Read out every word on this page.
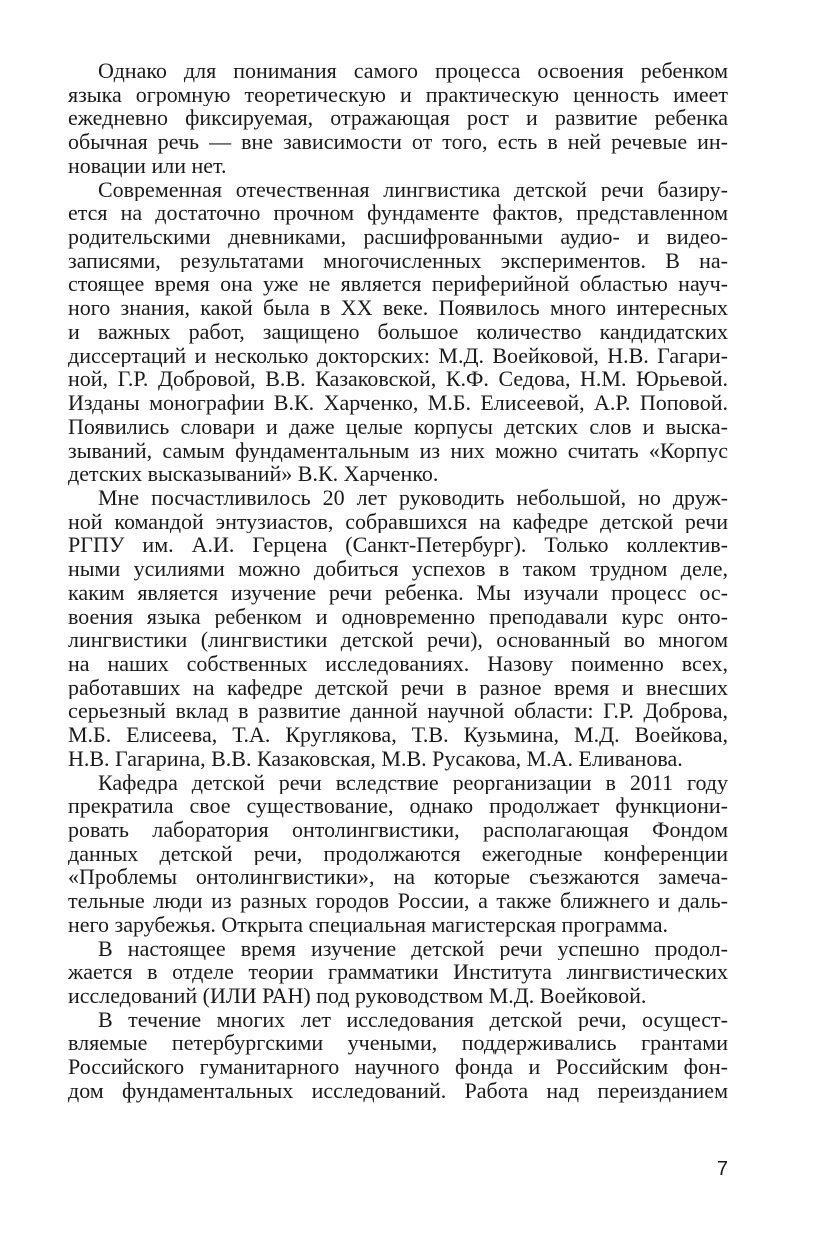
Однако для понимания самого процесса освоения ребенком
языка огромную теоретическую и практическую ценность имеет
ежедневно фиксируемая, отражающая рост и развитие ребенка
обычная речь — вне зависимости от того, есть в ней речевые ин-
новации или нет.
Современная отечественная лингвистика детской речи базиру-
ется на достаточно прочном фундаменте фактов, представленном
родительскими дневниками, расшифрованными аудио- и видео-
записями, результатами многочисленных экспериментов. В на-
стоящее время она уже не является периферийной областью науч-
ного знания, какой была в XX веке. Появилось много интересных
и важных работ, защищено большое количество кандидатских
диссертаций и несколько докторских: М.Д. Воейковой, Н.В. Гагари-
ной, Г.Р. Добровой, В.В. Казаковской, К.Ф. Седова, Н.М. Юрьевой.
Изданы монографии В.К. Харченко, М.Б. Елисеевой, А.Р. Поповой.
Появились словари и даже целые корпусы детских слов и выска-
зываний, самым фундаментальным из них можно считать «Корпус
детских высказываний» В.К. Харченко.
Мне посчастливилось 20 лет руководить небольшой, но друж-
ной командой энтузиастов, собравшихся на кафедре детской речи
РГПУ им. А.И. Герцена (Санкт-Петербург). Только коллектив-
ными усилиями можно добиться успехов в таком трудном деле,
каким является изучение речи ребенка. Мы изучали процесс ос-
воения языка ребенком и одновременно преподавали курс онто-
лингвистики (лингвистики детской речи), основанный во многом
на наших собственных исследованиях. Назову поименно всех,
работавших на кафедре детской речи в разное время и внесших
серьезный вклад в развитие данной научной области: Г.Р. Доброва,
М.Б. Елисеева, Т.А. Круглякова, Т.В. Кузьмина, М.Д. Воейкова,
Н.В. Гагарина, В.В. Казаковская, М.В. Русакова, М.А. Еливанова.
Кафедра детской речи вследствие реорганизации в 2011 году
прекратила свое существование, однако продолжает функциони-
ровать лаборатория онтолингвистики, располагающая Фондом
данных детской речи, продолжаются ежегодные конференции
«Проблемы онтолингвистики», на которые съезжаются замеча-
тельные люди из разных городов России, а также ближнего и даль-
него зарубежья. Открыта специальная магистерская программа.
В настоящее время изучение детской речи успешно продол-
жается в отделе теории грамматики Института лингвистических
исследований (ИЛИ РАН) под руководством М.Д. Воейковой.
В течение многих лет исследования детской речи, осущест-
вляемые петербургскими учеными, поддерживались грантами
Российского гуманитарного научного фонда и Российским фон-
дом фундаментальных исследований. Работа над переизданием
7
